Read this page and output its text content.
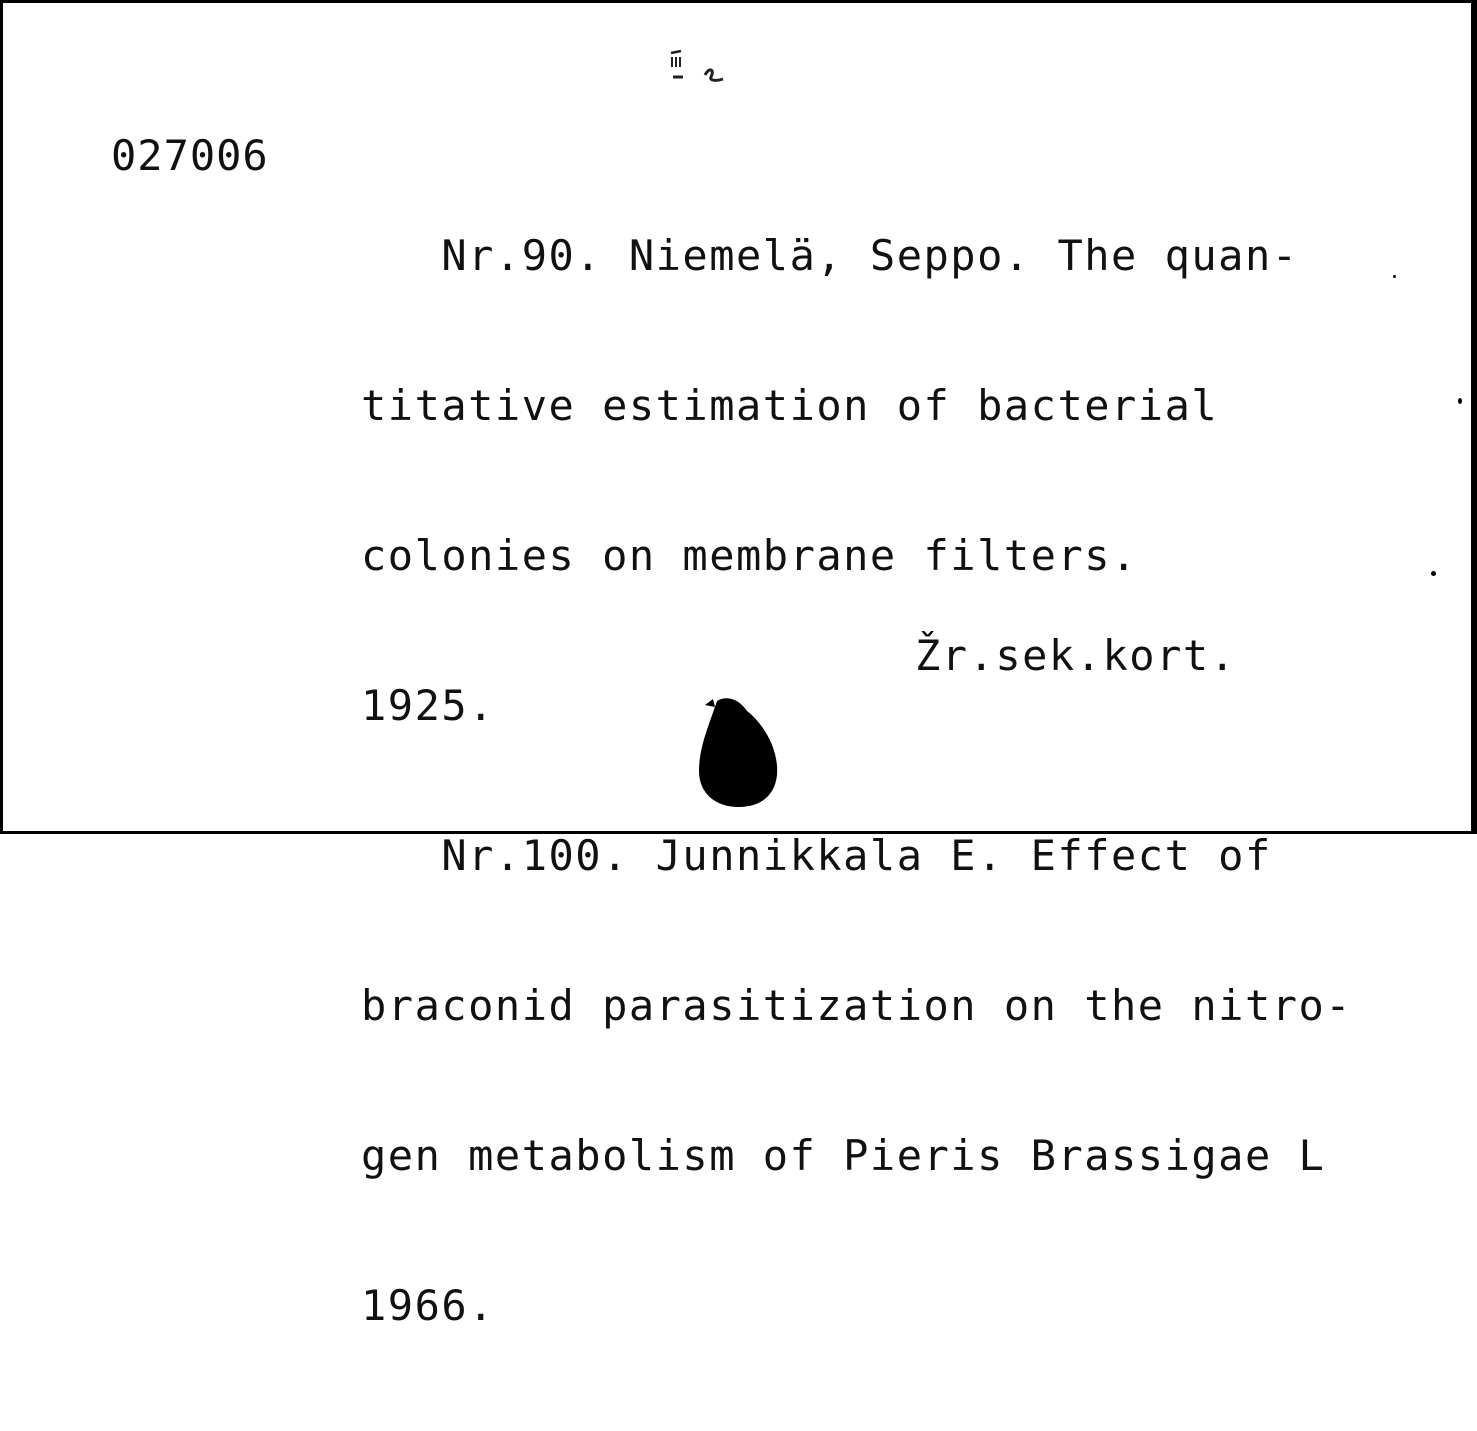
027006

Nr.90. Niemelä, Seppo. The quan-

titative estimation of bacterial

colonies on membrane filters.

1925.

Nr.100. Junnikkala E. Effect of

braconid parasitization on the nitro-

gen metabolism of Pieris Brassigae L

1966.

Žr.sek.kort.
